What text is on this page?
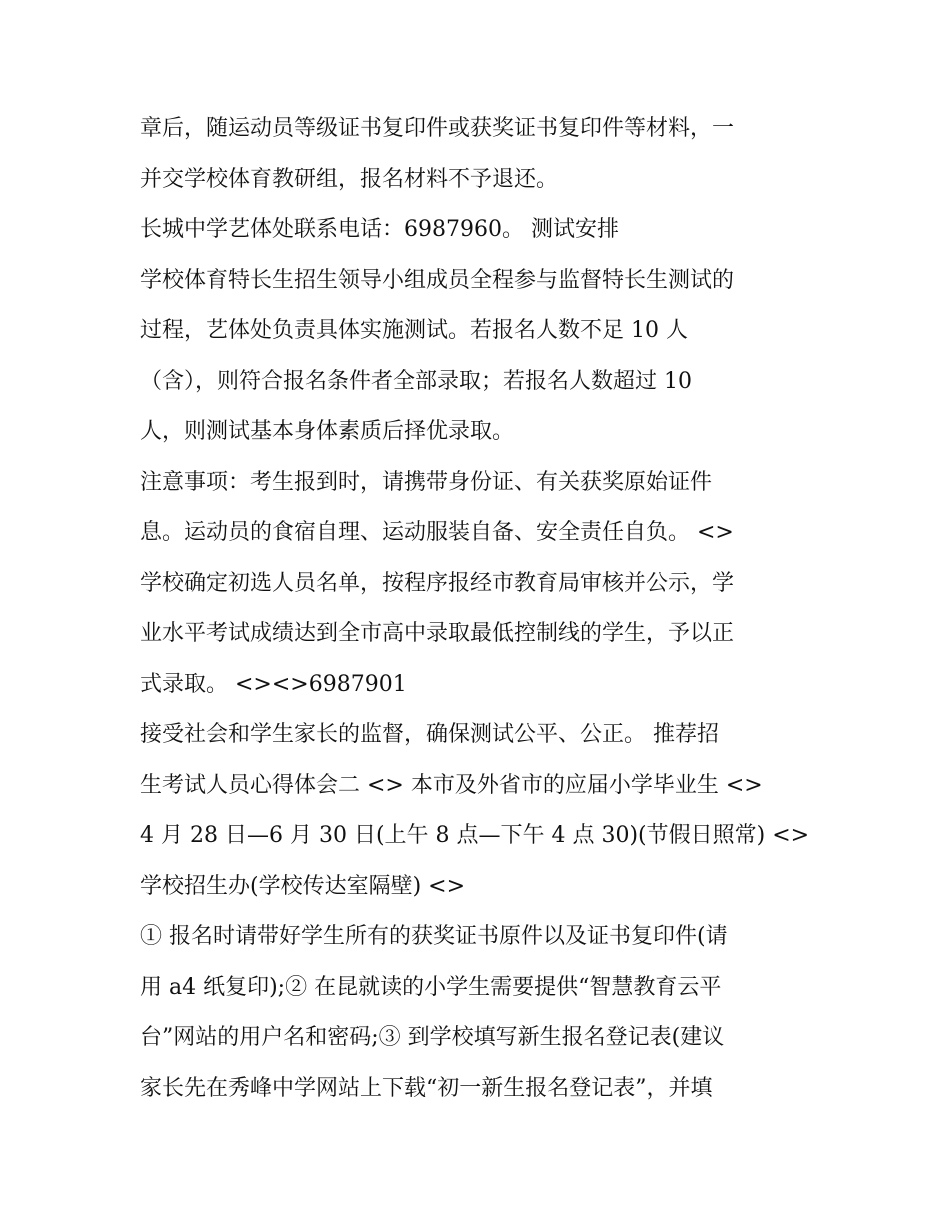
章后，随运动员等级证书复印件或获奖证书复印件等材料，一

并交学校体育教研组，报名材料不予退还。

长城中学艺体处联系电话：6987960。 测试安排

学校体育特长生招生领导小组成员全程参与监督特长生测试的

过程，艺体处负责具体实施测试。若报名人数不足 10 人

（含），则符合报名条件者全部录取；若报名人数超过 10

人，则测试基本身体素质后择优录取。

注意事项：考生报到时，请携带身份证、有关获奖原始证件

息。运动员的食宿自理、运动服装自备、安全责任自负。 <>

学校确定初选人员名单，按程序报经市教育局审核并公示，学

业水平考试成绩达到全市高中录取最低控制线的学生，予以正

式录取。 <><>6987901

接受社会和学生家长的监督，确保测试公平、公正。 推荐招

生考试人员心得体会二 <> 本市及外省市的应届小学毕业生 <>

4 月 28 日—6 月 30 日(上午 8 点—下午 4 点 30)(节假日照常) <>

学校招生办(学校传达室隔壁) <>

① 报名时请带好学生所有的获奖证书原件以及证书复印件(请

用 a4 纸复印);② 在昆就读的小学生需要提供“智慧教育云平

台”网站的用户名和密码;③ 到学校填写新生报名登记表(建议

家长先在秀峰中学网站上下载“初一新生报名登记表”，并填
